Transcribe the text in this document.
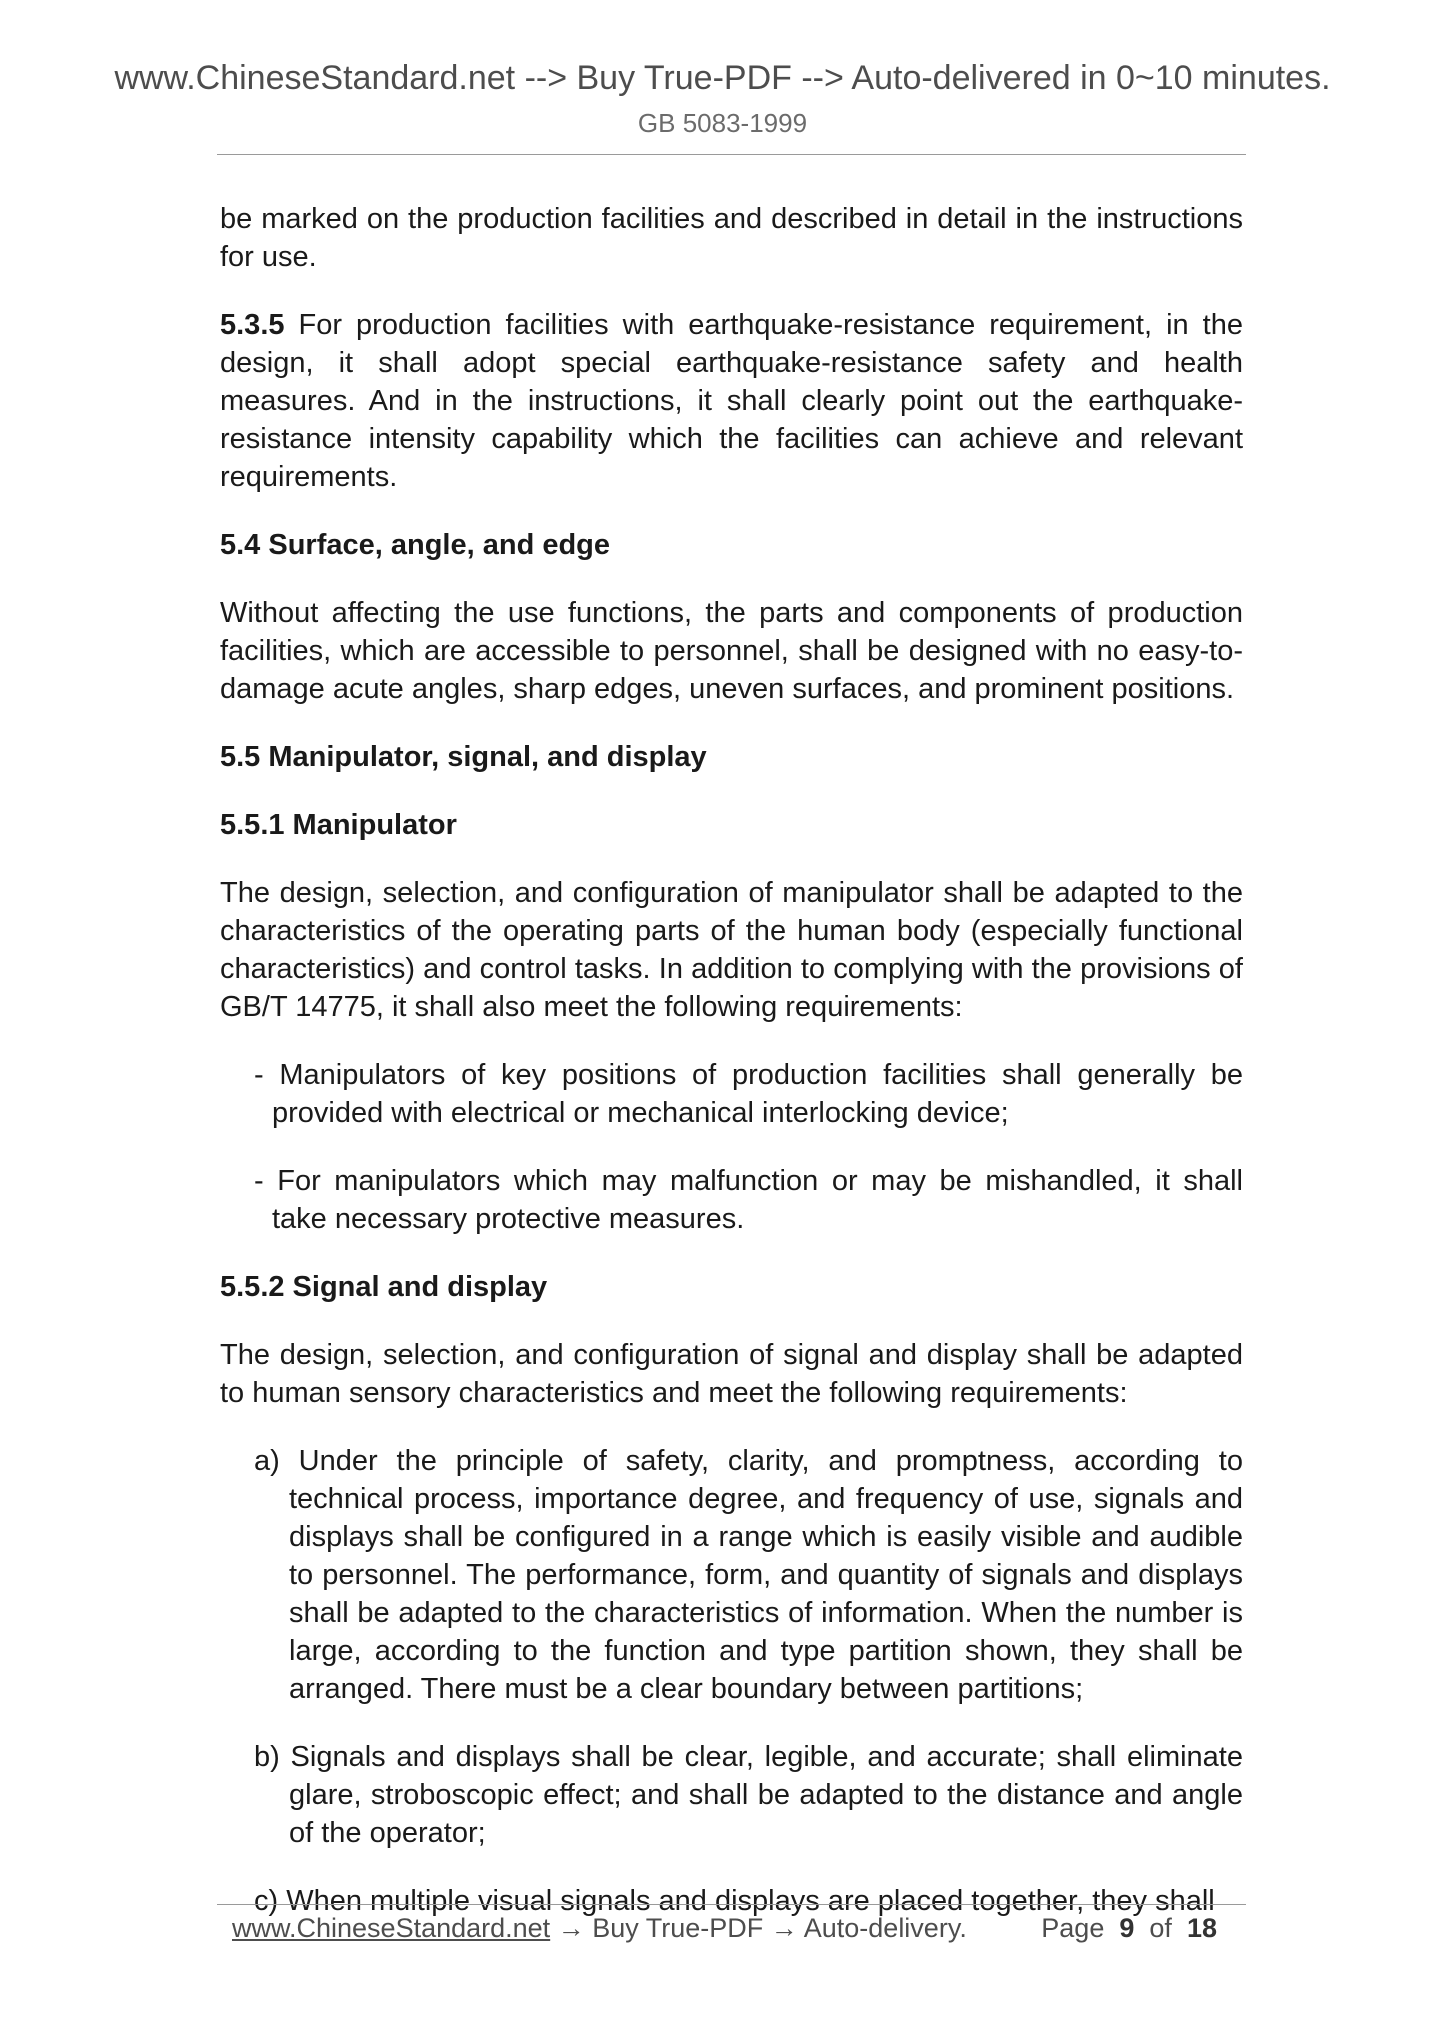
www.ChineseStandard.net --> Buy True-PDF --> Auto-delivered in 0~10 minutes.
GB 5083-1999

be marked on the production facilities and described in detail in the instructions for use.

5.3.5 For production facilities with earthquake-resistance requirement, in the design, it shall adopt special earthquake-resistance safety and health measures. And in the instructions, it shall clearly point out the earthquake-resistance intensity capability which the facilities can achieve and relevant requirements.

5.4 Surface, angle, and edge

Without affecting the use functions, the parts and components of production facilities, which are accessible to personnel, shall be designed with no easy-to-damage acute angles, sharp edges, uneven surfaces, and prominent positions.

5.5 Manipulator, signal, and display

5.5.1 Manipulator

The design, selection, and configuration of manipulator shall be adapted to the characteristics of the operating parts of the human body (especially functional characteristics) and control tasks. In addition to complying with the provisions of GB/T 14775, it shall also meet the following requirements:

- Manipulators of key positions of production facilities shall generally be provided with electrical or mechanical interlocking device;

- For manipulators which may malfunction or may be mishandled, it shall take necessary protective measures.

5.5.2 Signal and display

The design, selection, and configuration of signal and display shall be adapted to human sensory characteristics and meet the following requirements:

a) Under the principle of safety, clarity, and promptness, according to technical process, importance degree, and frequency of use, signals and displays shall be configured in a range which is easily visible and audible to personnel. The performance, form, and quantity of signals and displays shall be adapted to the characteristics of information. When the number is large, according to the function and type partition shown, they shall be arranged. There must be a clear boundary between partitions;

b) Signals and displays shall be clear, legible, and accurate; shall eliminate glare, stroboscopic effect; and shall be adapted to the distance and angle of the operator;

c) When multiple visual signals and displays are placed together, they shall

www.ChineseStandard.net → Buy True-PDF → Auto-delivery.	Page 9 of 18
